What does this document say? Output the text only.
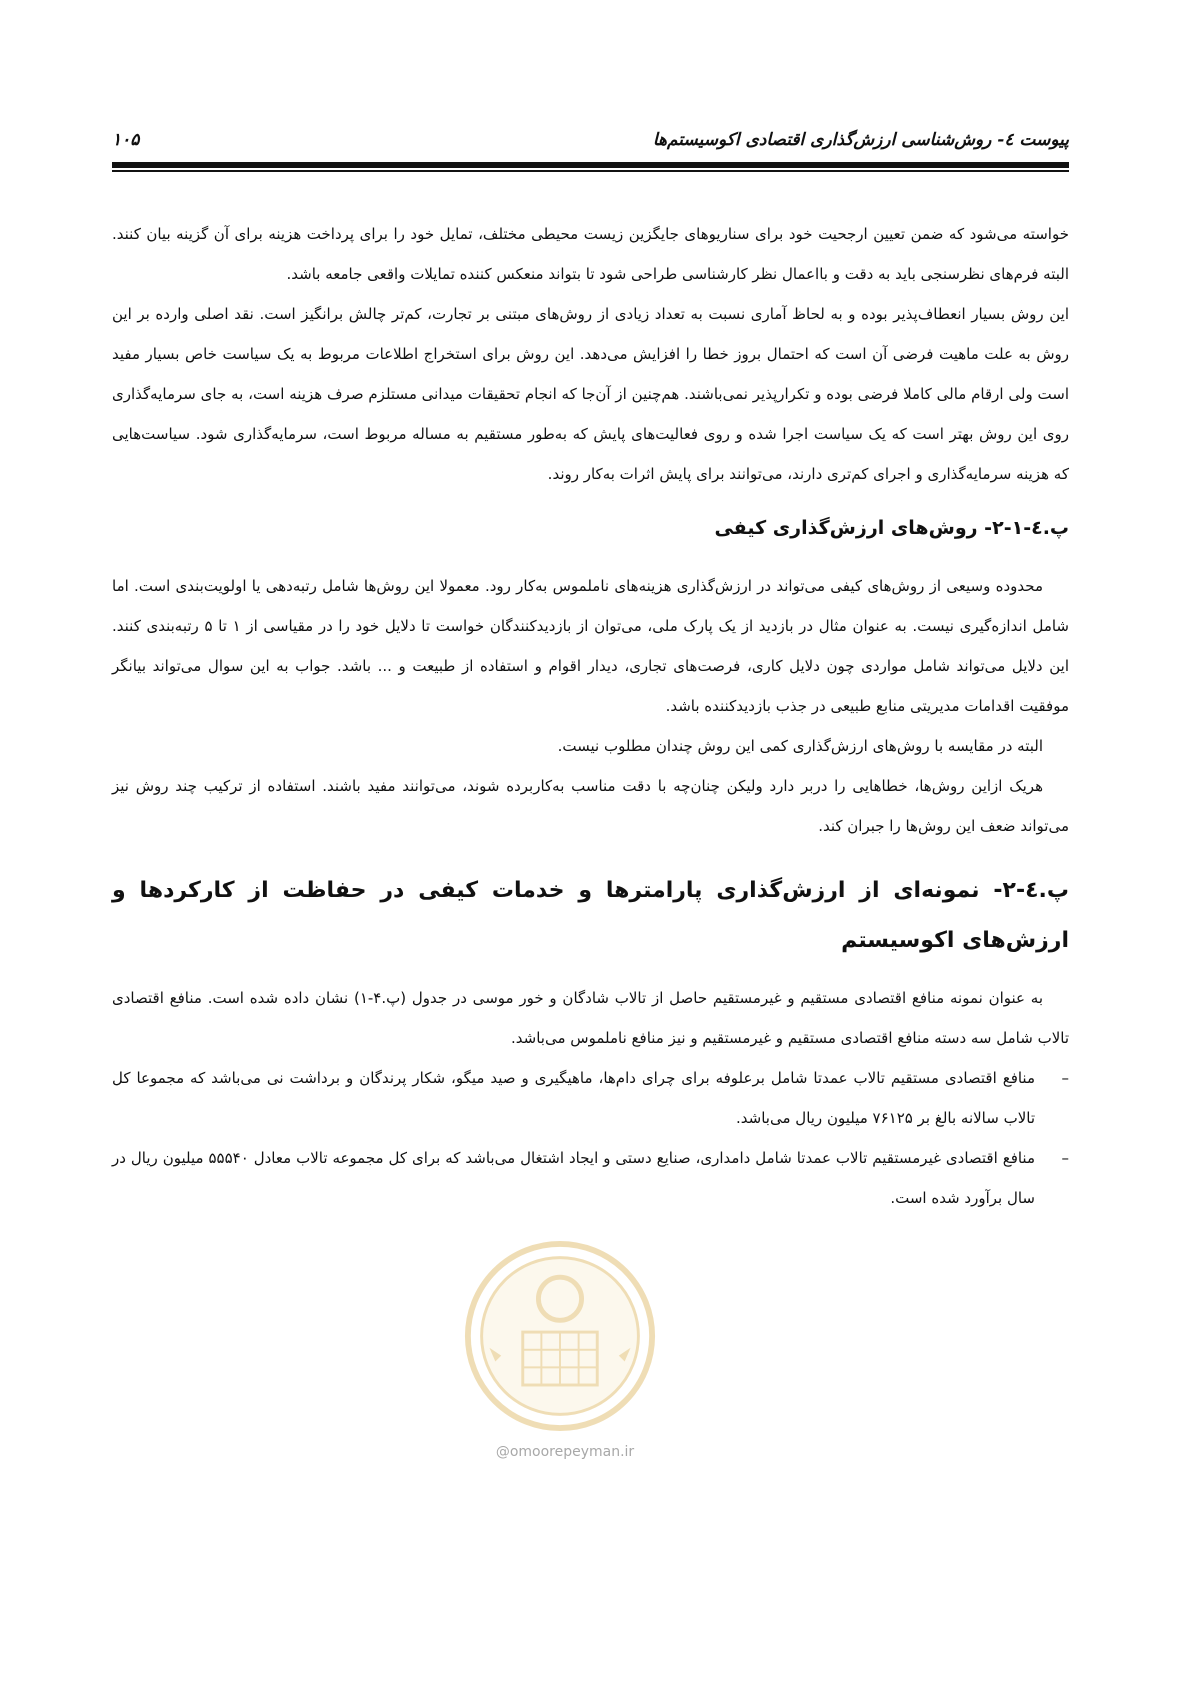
پیوست ٤- روش‌شناسی ارزش‌گذاری اقتصادی اکوسیستم‌ها
۱۰۵

خواسته می‌شود که ضمن تعیین ارجحیت خود برای سناریوهای جایگزین زیست محیطی مختلف، تمایل خود را برای پرداخت هزینه برای آن گزینه بیان کنند. البته فرم‌های نظرسنجی باید به دقت و بااعمال نظر کارشناسی طراحی شود تا بتواند منعکس کننده تمایلات واقعی جامعه باشد.

این روش بسیار انعطاف‌پذیر بوده و به لحاظ آماری نسبت به تعداد زیادی از روش‌های مبتنی بر تجارت، کم‌تر چالش برانگیز است. نقد اصلی وارده بر این روش به علت ماهیت فرضی آن است که احتمال بروز خطا را افزایش می‌دهد. این روش برای استخراج اطلاعات مربوط به یک سیاست خاص بسیار مفید است ولی ارقام مالی کاملا فرضی بوده و تکرارپذیر نمی‌باشند. هم‌چنین از آن‌جا که انجام تحقیقات میدانی مستلزم صرف هزینه است، به جای سرمایه‌گذاری روی این روش بهتر است که یک سیاست اجرا شده و روی فعالیت‌های پایش که به‌طور مستقیم به مساله مربوط است، سرمایه‌گذاری شود. سیاست‌هایی که هزینه سرمایه‌گذاری و اجرای کم‌تری دارند، می‌توانند برای پایش اثرات به‌کار روند.

پ.٤-۱-۲- روش‌های ارزش‌گذاری کیفی

محدوده وسیعی از روش‌های کیفی می‌تواند در ارزش‌گذاری هزینه‌های ناملموس به‌کار رود. معمولا این روش‌ها شامل رتبه‌دهی یا اولویت‌بندی است. اما شامل اندازه‌گیری نیست. به عنوان مثال در بازدید از یک پارک ملی، می‌توان از بازدیدکنندگان خواست تا دلایل خود را در مقیاسی از ۱ تا ۵ رتبه‌بندی کنند. این دلایل می‌تواند شامل مواردی چون دلایل کاری، فرصت‌های تجاری، دیدار اقوام و استفاده از طبیعت و ... باشد. جواب به این سوال می‌تواند بیانگر موفقیت اقدامات مدیریتی منابع طبیعی در جذب بازدیدکننده باشد.

البته در مقایسه با روش‌های ارزش‌گذاری کمی این روش چندان مطلوب نیست.

هریک ازاین روش‌ها، خطاهایی را دربر دارد ولیکن چنان‌چه با دقت مناسب به‌کاربرده شوند، می‌توانند مفید باشند. استفاده از ترکیب چند روش نیز می‌تواند ضعف این روش‌ها را جبران کند.

پ.٤-۲- نمونه‌ای از ارزش‌گذاری پارامترها و خدمات کیفی در حفاظت از کارکردها و ارزش‌های اکوسیستم

به عنوان نمونه منافع اقتصادی مستقیم و غیرمستقیم حاصل از تالاب شادگان و خور موسی در جدول (پ.۴-۱) نشان داده شده است. منافع اقتصادی تالاب شامل سه دسته منافع اقتصادی مستقیم و غیرمستقیم و نیز منافع ناملموس می‌باشد.

–
منافع اقتصادی مستقیم تالاب عمدتا شامل برعلوفه برای چرای دام‌ها، ماهیگیری و صید میگو، شکار پرندگان و برداشت نی می‌باشد که مجموعا کل تالاب سالانه بالغ بر ۷۶۱۲۵ میلیون ریال می‌باشد.

–
منافع اقتصادی غیرمستقیم تالاب عمدتا شامل دامداری، صنایع دستی و ایجاد اشتغال می‌باشد که برای کل مجموعه تالاب معادل ۵۵۵۴۰ میلیون ریال در سال برآورد شده است.

@omoorepeyman.ir
